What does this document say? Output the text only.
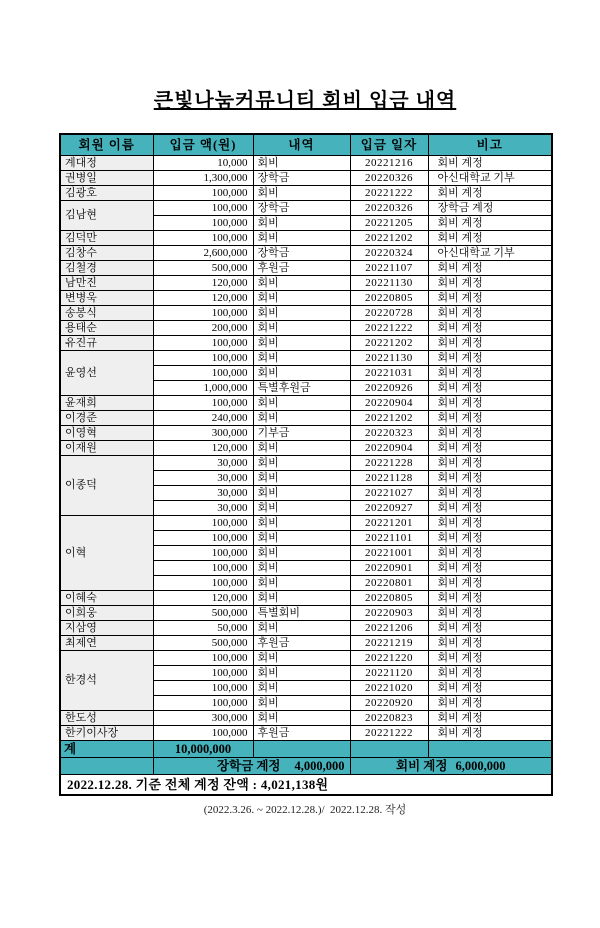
큰빛나눔커뮤니티 회비 입금 내역
회원 이름	입금 액(원)	내역	입금 일자	비고
계대정	10,000	회비	20221216	회비 계정
권병일	1,300,000	장학금	20220326	아신대학교 기부
김광호	100,000	회비	20221222	회비 계정
김남현	100,000	장학금	20220326	장학금 계정
	100,000	회비	20221205	회비 계정
김덕만	100,000	회비	20221202	회비 계정
김창수	2,600,000	장학금	20220324	아신대학교 기부
김철경	500,000	후원금	20221107	회비 계정
남만진	120,000	회비	20221130	회비 계정
변병욱	120,000	회비	20220805	회비 계정
송봉식	100,000	회비	20220728	회비 계정
용태순	200,000	회비	20221222	회비 계정
유진규	100,000	회비	20221202	회비 계정
윤영선	100,000	회비	20221130	회비 계정
	100,000	회비	20221031	회비 계정
	1,000,000	특별후원금	20220926	회비 계정
윤재희	100,000	회비	20220904	회비 계정
이경준	240,000	회비	20221202	회비 계정
이영혁	300,000	기부금	20220323	회비 계정
이재원	120,000	회비	20220904	회비 계정
이종덕	30,000	회비	20221228	회비 계정
	30,000	회비	20221128	회비 계정
	30,000	회비	20221027	회비 계정
	30,000	회비	20220927	회비 계정
이혁	100,000	회비	20221201	회비 계정
	100,000	회비	20221101	회비 계정
	100,000	회비	20221001	회비 계정
	100,000	회비	20220901	회비 계정
	100,000	회비	20220801	회비 계정
이혜숙	120,000	회비	20220805	회비 계정
이희웅	500,000	특별회비	20220903	회비 계정
지삼영	50,000	회비	20221206	회비 계정
최제연	500,000	후원금	20221219	회비 계정
한경석	100,000	회비	20221220	회비 계정
	100,000	회비	20221120	회비 계정
	100,000	회비	20221020	회비 계정
	100,000	회비	20220920	회비 계정
한도성	300,000	회비	20220823	회비 계정
한키이사장	100,000	후원금	20221222	회비 계정
계	10,000,000			
	장학금 계정 4,000,000		회비 계정 6,000,000	
2022.12.28. 기준 전체 계정 잔액 : 4,021,138원				
(2022.3.26. ~ 2022.12.28.)/  2022.12.28. 작성
